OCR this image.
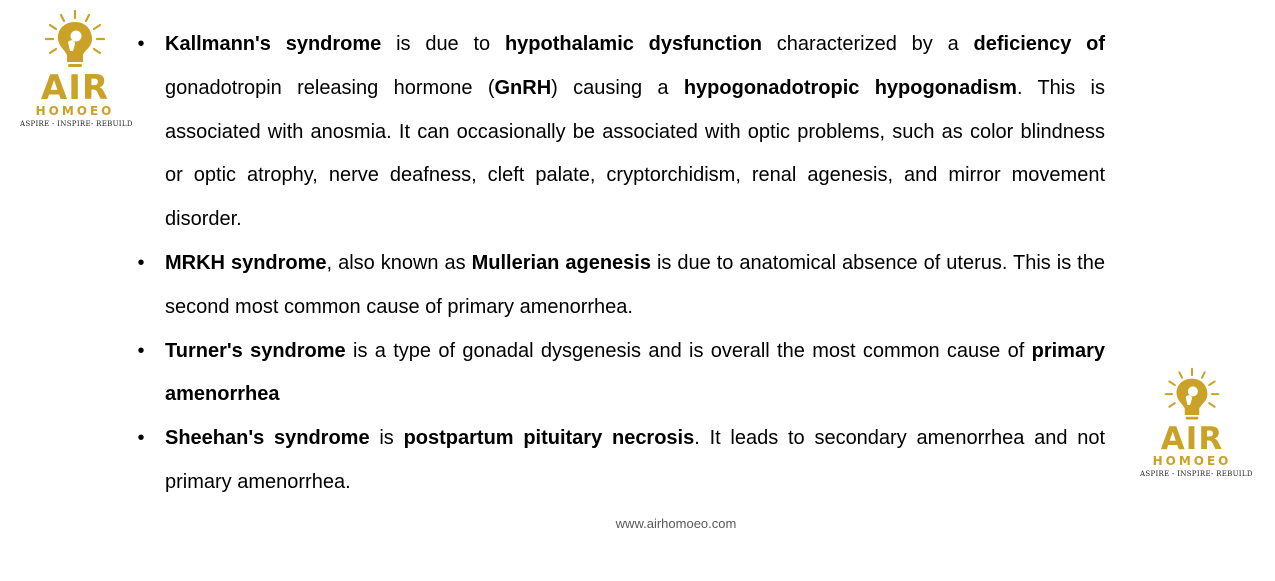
AIR
HOMOEO
ASPIRE - INSPIRE- REBUILD
• Kallmann's syndrome is due to hypothalamic dysfunction characterized by a deficiency of gonadotropin releasing hormone (GnRH) causing a hypogonadotropic hypogonadism. This is associated with anosmia. It can occasionally be associated with optic problems, such as color blindness or optic atrophy, nerve deafness, cleft palate, cryptorchidism, renal agenesis, and mirror movement disorder.
• MRKH syndrome, also known as Mullerian agenesis is due to anatomical absence of uterus. This is the second most common cause of primary amenorrhea.
• Turner's syndrome is a type of gonadal dysgenesis and is overall the most common cause of primary amenorrhea
• Sheehan's syndrome is postpartum pituitary necrosis. It leads to secondary amenorrhea and not primary amenorrhea.
AIR
HOMOEO
ASPIRE - INSPIRE- REBUILD
www.airhomoeo.com
